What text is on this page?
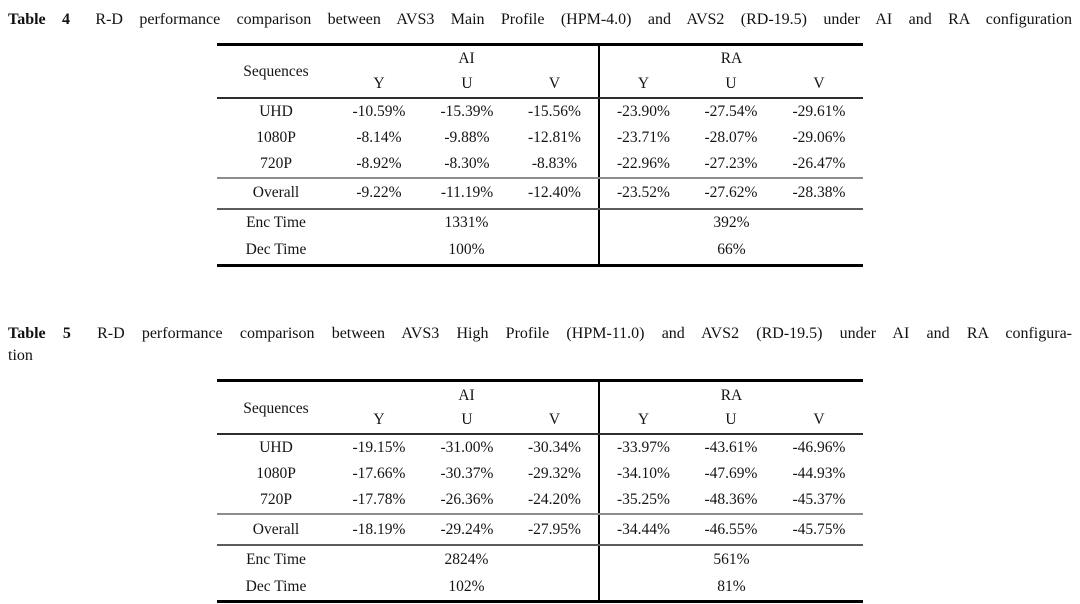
Table 4 R-D performance comparison between AVS3 Main Profile (HPM-4.0) and AVS2 (RD-19.5) under AI and RA configuration
Sequences	AI			RA		
	Y	U	V	Y	U	V
UHD	-10.59%	-15.39%	-15.56%	-23.90%	-27.54%	-29.61%
1080P	-8.14%	-9.88%	-12.81%	-23.71%	-28.07%	-29.06%
720P	-8.92%	-8.30%	-8.83%	-22.96%	-27.23%	-26.47%
Overall	-9.22%	-11.19%	-12.40%	-23.52%	-27.62%	-28.38%
Enc Time	1331%			392%		
Dec Time	100%			66%		
Table 5 R-D performance comparison between AVS3 High Profile (HPM-11.0) and AVS2 (RD-19.5) under AI and RA configura-
tion
Sequences	AI			RA		
	Y	U	V	Y	U	V
UHD	-19.15%	-31.00%	-30.34%	-33.97%	-43.61%	-46.96%
1080P	-17.66%	-30.37%	-29.32%	-34.10%	-47.69%	-44.93%
720P	-17.78%	-26.36%	-24.20%	-35.25%	-48.36%	-45.37%
Overall	-18.19%	-29.24%	-27.95%	-34.44%	-46.55%	-45.75%
Enc Time	2824%			561%		
Dec Time	102%			81%		
